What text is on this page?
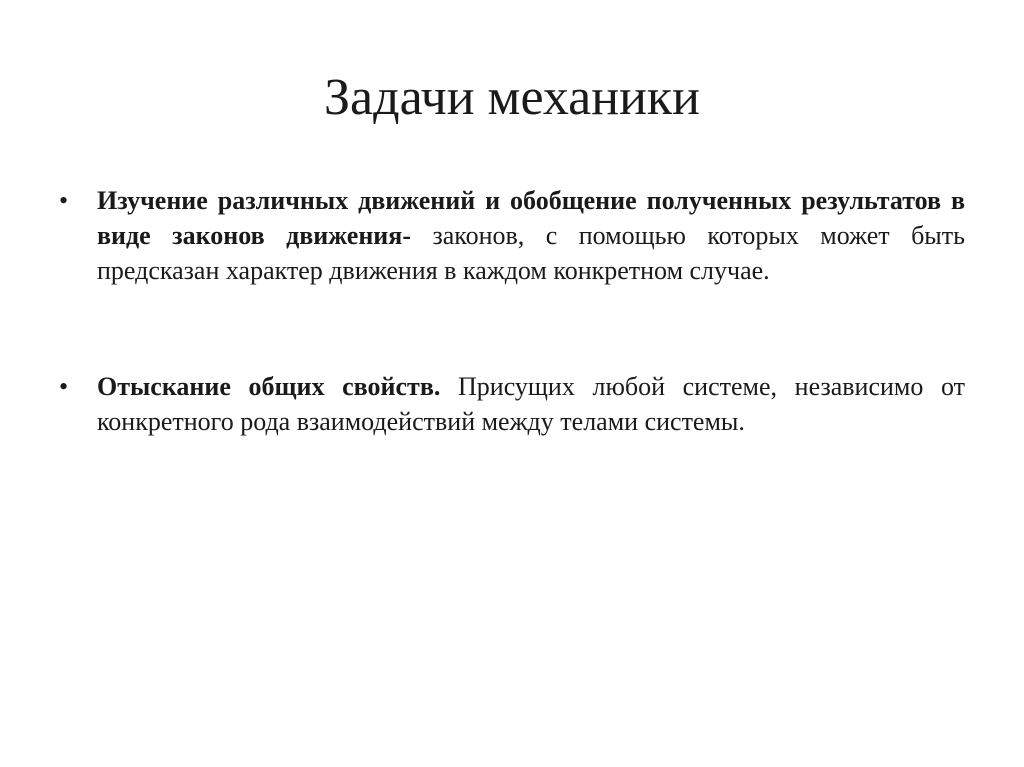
Задачи механики
• Изучение различных движений и обобщение полученных результатов в виде законов движения- законов, с помощью которых может быть предсказан характер движения в каждом конкретном случае.

• Отыскание общих свойств. Присущих любой системе, независимо от конкретного рода взаимодействий между телами системы.
